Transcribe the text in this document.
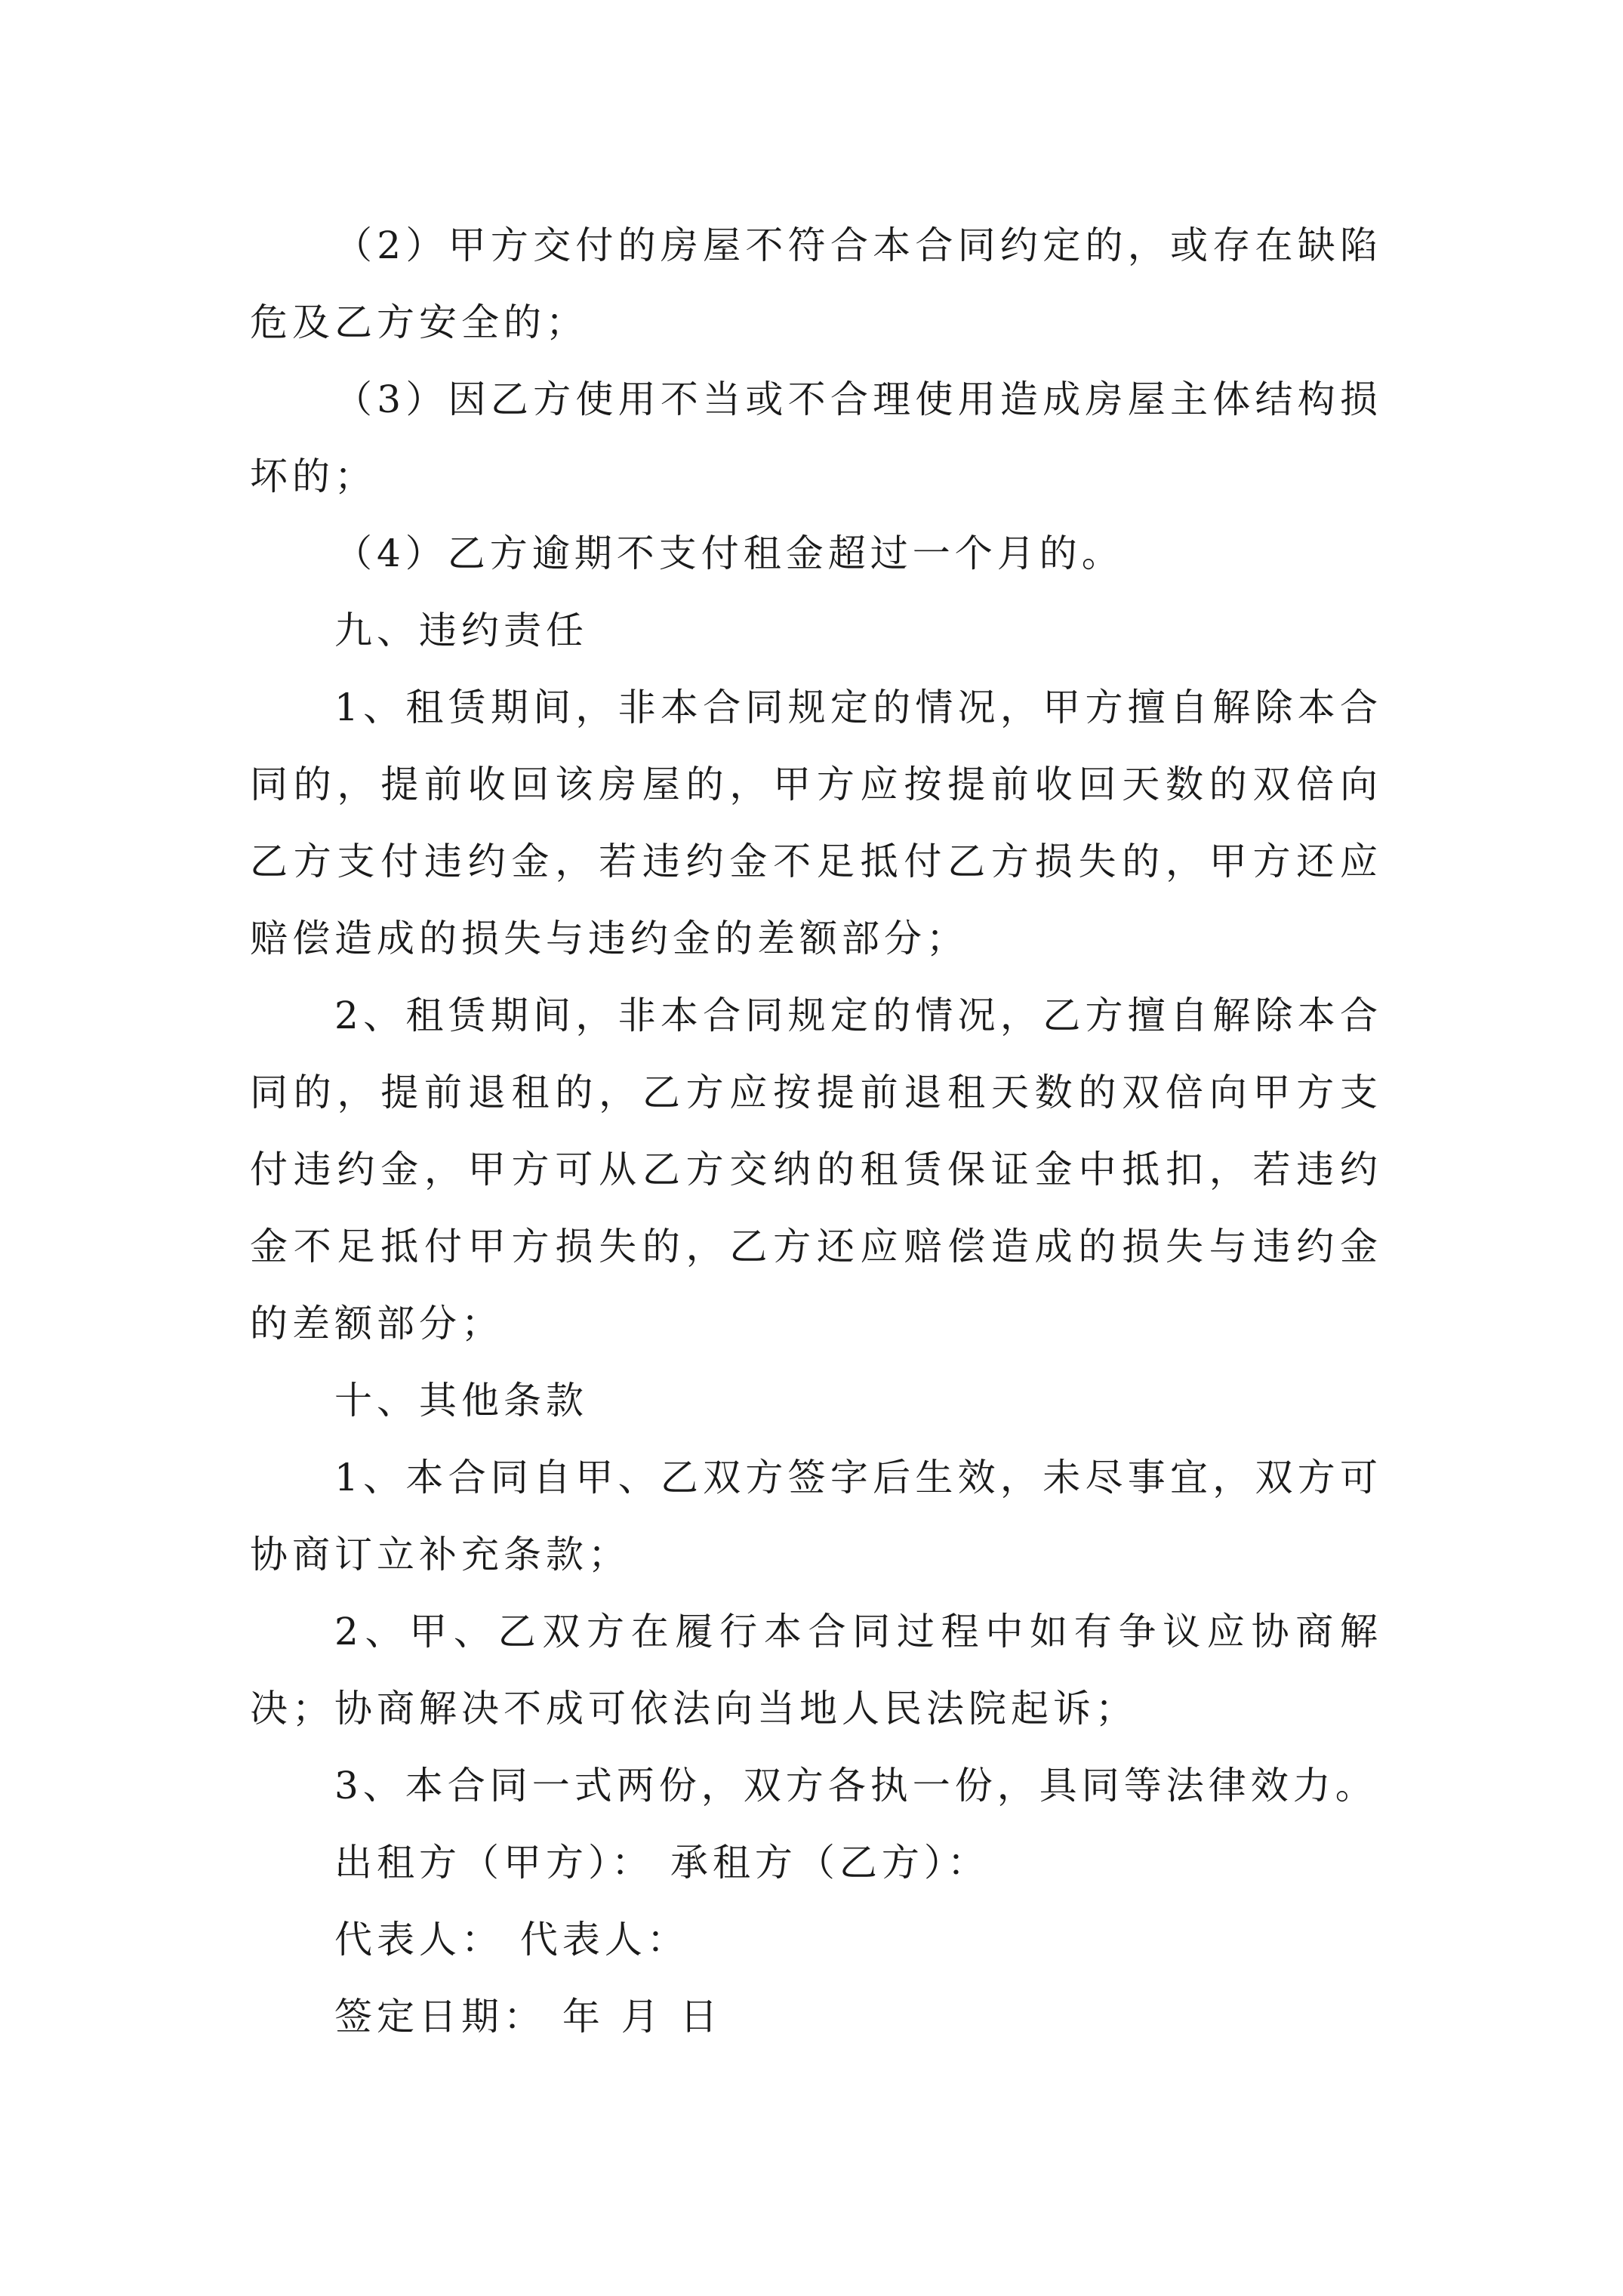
（2）甲方交付的房屋不符合本合同约定的，或存在缺陷危及乙方安全的；

（3）因乙方使用不当或不合理使用造成房屋主体结构损坏的；

（4）乙方逾期不支付租金超过一个月的。

九、违约责任

1、租赁期间，非本合同规定的情况，甲方擅自解除本合同的，提前收回该房屋的，甲方应按提前收回天数的双倍向乙方支付违约金，若违约金不足抵付乙方损失的，甲方还应赔偿造成的损失与违约金的差额部分；

2、租赁期间，非本合同规定的情况，乙方擅自解除本合同的，提前退租的，乙方应按提前退租天数的双倍向甲方支付违约金，甲方可从乙方交纳的租赁保证金中抵扣，若违约金不足抵付甲方损失的，乙方还应赔偿造成的损失与违约金的差额部分；

十、其他条款

1、本合同自甲、乙双方签字后生效，未尽事宜，双方可协商订立补充条款；

2、甲、乙双方在履行本合同过程中如有争议应协商解决；协商解决不成可依法向当地人民法院起诉；

3、本合同一式两份，双方各执一份，具同等法律效力。

出租方（甲方）： 承租方（乙方）：

代表人： 代表人：

签定日期： 年 月 日
